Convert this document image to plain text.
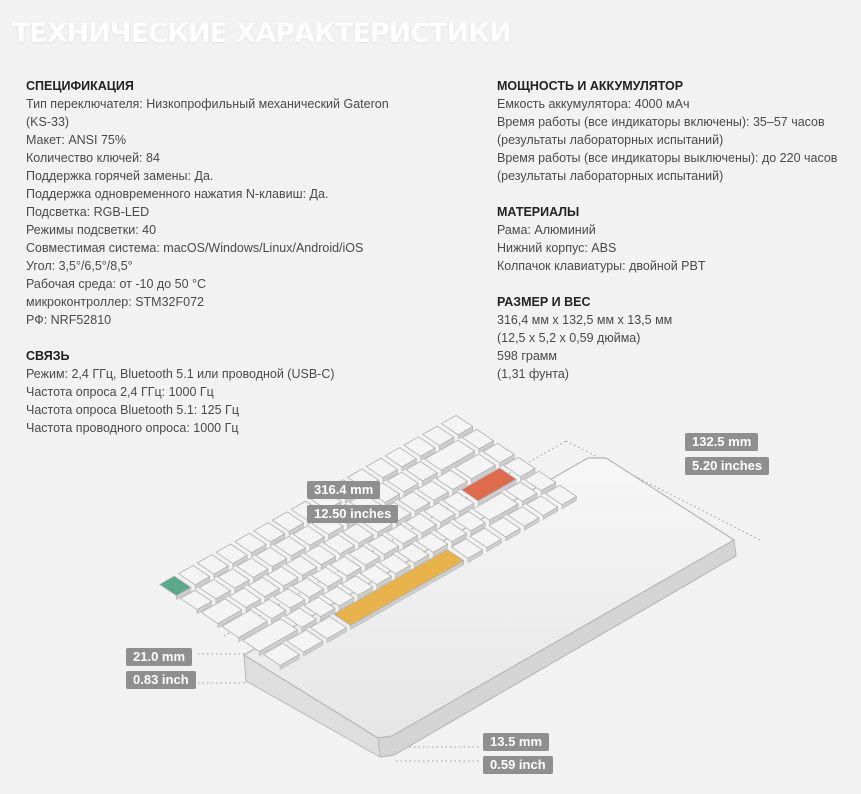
ТЕХНИЧЕСКИЕ ХАРАКТЕРИСТИКИ
СПЕЦИФИКАЦИЯ
Тип переключателя: Низкопрофильный механический Gateron
(KS-33)
Макет: ANSI 75%
Количество ключей: 84
Поддержка горячей замены: Да.
Поддержка одновременного нажатия N-клавиш: Да.
Подсветка: RGB-LED
Режимы подсветки: 40
Совместимая система: macOS/Windows/Linux/Android/iOS
Угол: 3,5°/6,5°/8,5°
Рабочая среда: от -10 до 50 °С
микроконтроллер: STM32F072
РФ: NRF52810
СВЯЗЬ
Режим: 2,4 ГГц, Bluetooth 5.1 или проводной (USB-C)
Частота опроса 2,4 ГГц: 1000 Гц
Частота опроса Bluetooth 5.1: 125 Гц
Частота проводного опроса: 1000 Гц
МОЩНОСТЬ И АККУМУЛЯТОР
Емкость аккумулятора: 4000 мАч
Время работы (все индикаторы включены): 35–57 часов
(результаты лабораторных испытаний)
Время работы (все индикаторы выключены): до 220 часов
(результаты лабораторных испытаний)
МАТЕРИАЛЫ
Рама: Алюминий
Нижний корпус: ABS
Колпачок клавиатуры: двойной PBT
РАЗМЕР И ВЕС
316,4 мм x 132,5 мм x 13,5 мм
(12,5 x 5,2 x 0,59 дюйма)
598 грамм
(1,31 фунта)
316.4 mm
12.50 inches
132.5 mm
5.20 inches
21.0 mm
0.83 inch
13.5 mm
0.59 inch
